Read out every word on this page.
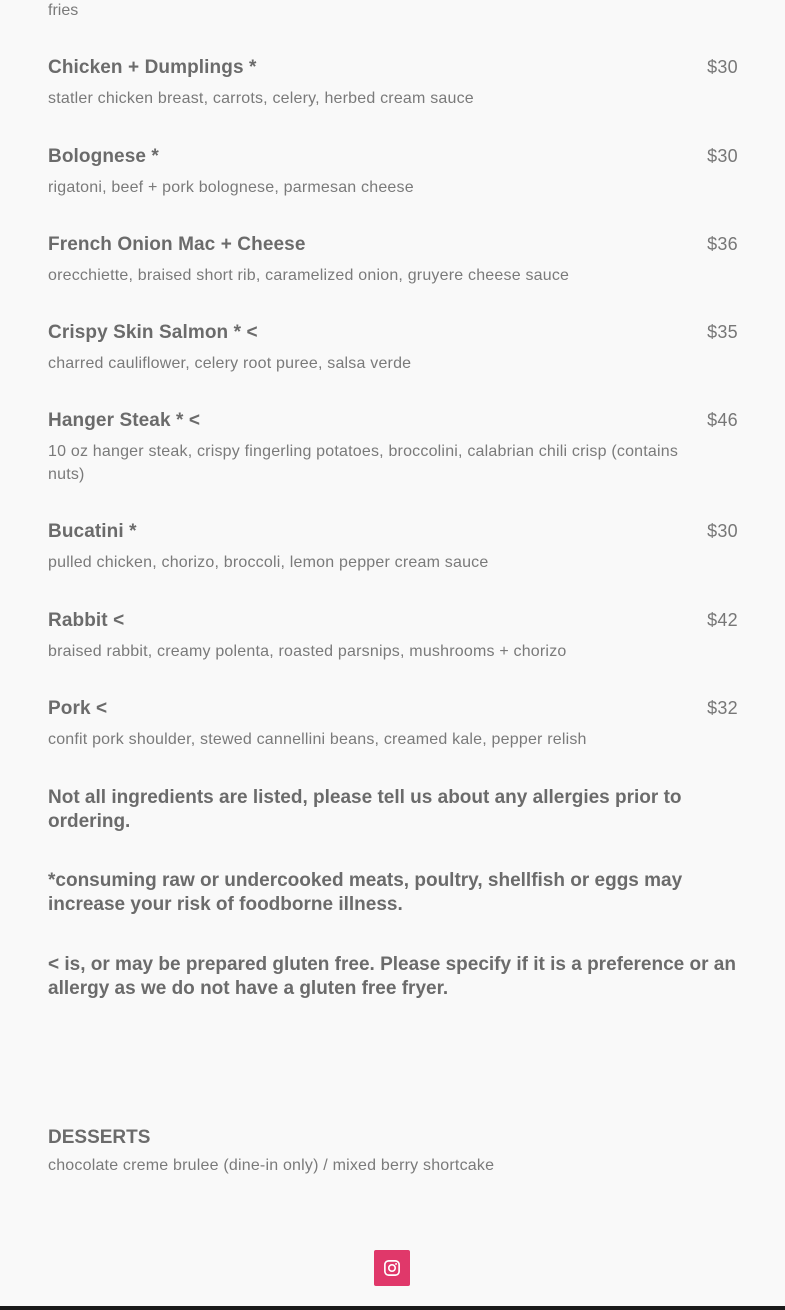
fries
Chicken + Dumplings *	$30
statler chicken breast, carrots, celery, herbed cream sauce
Bolognese *	$30
rigatoni, beef + pork bolognese, parmesan cheese
French Onion Mac + Cheese	$36
orecchiette, braised short rib, caramelized onion, gruyere cheese sauce
Crispy Skin Salmon * <	$35
charred cauliflower, celery root puree, salsa verde
Hanger Steak * <	$46
10 oz hanger steak, crispy fingerling potatoes, broccolini, calabrian chili crisp (contains nuts)
Bucatini *	$30
pulled chicken, chorizo, broccoli, lemon pepper cream sauce
Rabbit <	$42
braised rabbit, creamy polenta, roasted parsnips, mushrooms + chorizo
Pork <	$32
confit pork shoulder, stewed cannellini beans, creamed kale, pepper relish
Not all ingredients are listed, please tell us about any allergies prior to ordering.
*consuming raw or undercooked meats, poultry, shellfish or eggs may increase your risk of foodborne illness.
< is, or may be prepared gluten free. Please specify if it is a preference or an allergy as we do not have a gluten free fryer.
DESSERTS
chocolate creme brulee (dine-in only) / mixed berry shortcake
